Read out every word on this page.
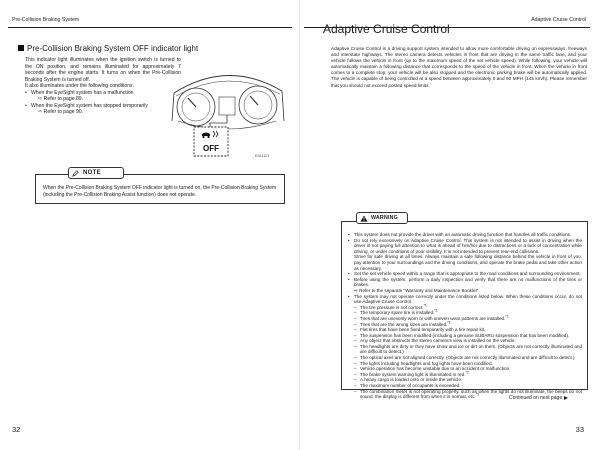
Pre-Collision Braking System
Pre-Collision Braking System OFF indicator light

This indicator light illuminates when the ignition switch is turned to the ON position, and remains illuminated for approximately 7 seconds after the engine starts. It turns on when the Pre-Collision Braking System is turned off.

It also illuminates under the following conditions.

• When the EyeSight system has a malfunction
⇨ Refer to page 89.
• When the EyeSight system has stopped temporarily
⇨ Refer to page 90.
OFF
ES11121
When the Pre-Collision Braking System OFF indicator light is turned on, the Pre-Collision Braking System (including the Pre-Collision Braking Assist function) does not operate.
NOTE
32
Adaptive Cruise Control
33
Adaptive Cruise Control
Adaptive Cruise Control is a driving support system intended to allow more comfortable driving on expressways, freeways and interstate highways. The stereo camera detects vehicles in front that are driving in the same traffic lane, and your vehicle follows the vehicle in front (up to the maximum speed of the set vehicle speed). While following, your vehicle will automatically maintain a following distance that corresponds to the speed of the vehicle in front. When the vehicle in front comes to a complete stop, your vehicle will be also stopped and the electronic parking brake will be automatically applied. The vehicle is capable of being controlled at a speed between approximately 0 and 90 MPH (145 km/h). Please remember that you should not exceed posted speed limits.
• This system does not provide the driver with an automatic driving function that handles all traffic conditions.
• Do not rely excessively on Adaptive Cruise Control. This system is not intended to assist in driving when the driver is not paying full attention to what is ahead of him/her due to distractions or a lack of concentration while driving, or under conditions of poor visibility. It is not intended to prevent rear-end collisions.

Strive for safe driving at all times. Always maintain a safe following distance behind the vehicle in front of you, pay attention to your surroundings and the driving conditions, and operate the brake pedal and take other action as necessary.

• Set the set vehicle speed within a range that is appropriate to the road conditions and surrounding environment.
• Before using the system, perform a daily inspection and verify that there are no malfunctions of the tires or brakes.

⇨ Refer to the separate "Warranty and Maintenance Booklet".

• The system may not operate correctly under the conditions listed below. When these conditions occur, do not use Adaptive Cruise Control.
– The tire pressure is not correct.$^{*1}$
– The temporary spare tire is installed.$^{*1}$
– Tires that are unevenly worn or with uneven wear patterns are installed.$^{*1}$
– Tires that are the wrong sizes are installed.$^{*1}$
– Flat tires that have been fixed temporarily with a tire repair kit.
– The suspension has been modified (including a genuine SUBARU suspension that has been modified).
– Any object that obstructs the stereo camera's view is installed on the vehicle.
– The headlights are dirty or they have snow and ice or dirt on them. (Objects are not correctly illuminated and are difficult to detect.)
– The optical axes are not aligned correctly. (Objects are not correctly illuminated and are difficult to detect.)
– The lights including headlights and fog lights have been modified.
– Vehicle operation has become unstable due to an accident or malfunction.
– The brake system warning light is illuminated in red.$^{*2}$
– A heavy cargo is loaded onto or inside the vehicle.
– The maximum number of occupants is exceeded.
– The combination meter is not operating properly, such as when the lights do not illuminate, the beeps do not sound, the display is different from when it is normal, etc.$^{*3}$
WARNING
Continued on next page
